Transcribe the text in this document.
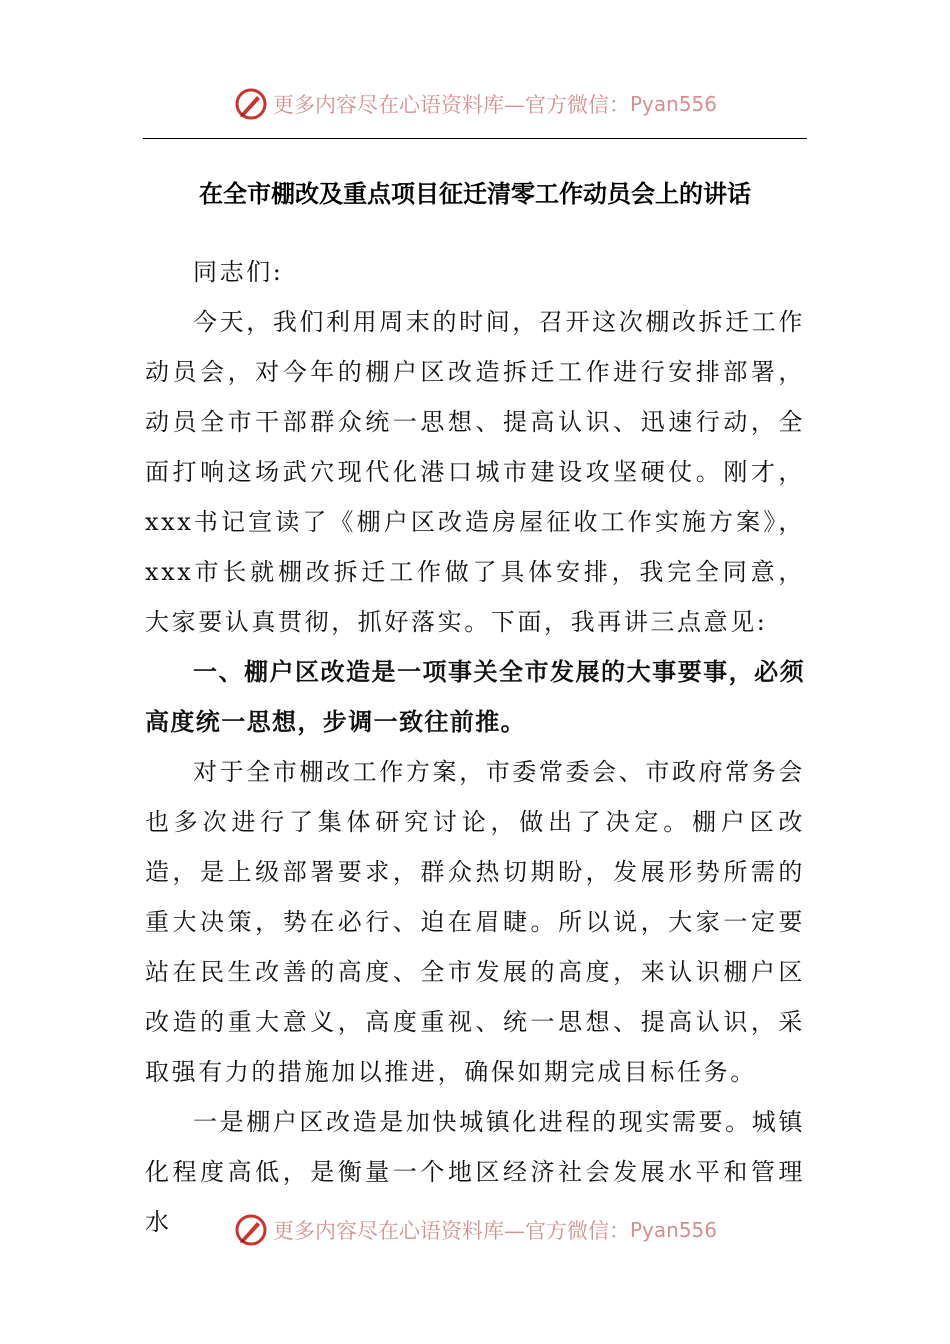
更多内容尽在心语资料库—官方微信： Pyan556
在全市棚改及重点项目征迁清零工作动员会上的讲话

同志们:

今天，我们利用周末的时间，召开这次棚改拆迁工作动员会，对今年的棚户区改造拆迁工作进行安排部署，动员全市干部群众统一思想、提高认识、迅速行动，全面打响这场武穴现代化港口城市建设攻坚硬仗。刚才，xxx书记宣读了《棚户区改造房屋征收工作实施方案》，xxx市长就棚改拆迁工作做了具体安排，我完全同意，大家要认真贯彻，抓好落实。下面，我再讲三点意见:

一、棚户区改造是一项事关全市发展的大事要事，必须高度统一思想，步调一致往前推。

对于全市棚改工作方案，市委常委会、市政府常务会也多次进行了集体研究讨论，做出了决定。棚户区改造，是上级部署要求，群众热切期盼，发展形势所需的重大决策，势在必行、迫在眉睫。所以说，大家一定要站在民生改善的高度、全市发展的高度，来认识棚户区改造的重大意义，高度重视、统一思想、提高认识，采取强有力的措施加以推进，确保如期完成目标任务。

一是棚户区改造是加快城镇化进程的现实需要。城镇化程度高低，是衡量一个地区经济社会发展水平和管理水	更多内容尽在心语资料库—官方微信： Pyan556
